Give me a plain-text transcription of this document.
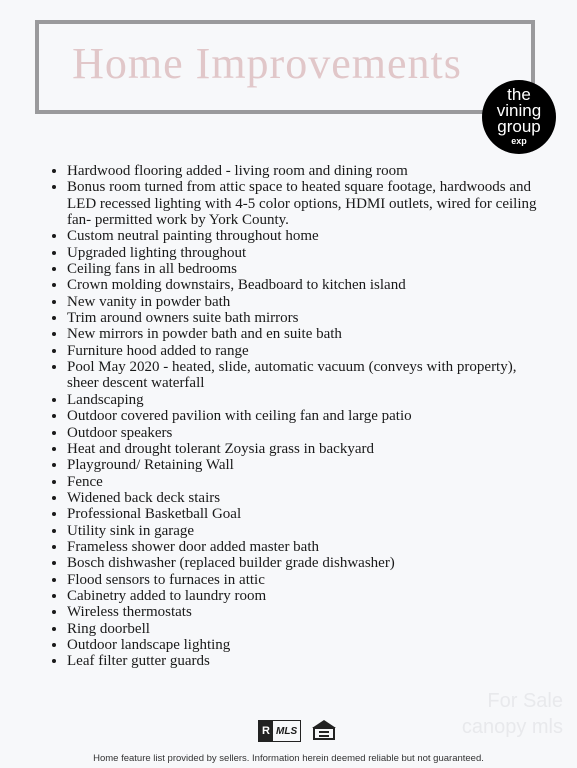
Home Improvements
the
vining
group
exp
• Hardwood flooring added - living room and dining room
• Bonus room turned from attic space to heated square footage, hardwoods and LED recessed lighting with 4-5 color options, HDMI outlets, wired for ceiling fan- permitted work by York County.
• Custom neutral painting throughout home
• Upgraded lighting throughout
• Ceiling fans in all bedrooms
• Crown molding downstairs, Beadboard to kitchen island
• New vanity in powder bath
• Trim around owners suite bath mirrors
• New mirrors in powder bath and en suite bath
• Furniture hood added to range
• Pool May 2020 - heated, slide, automatic vacuum (conveys with property), sheer descent waterfall
• Landscaping
• Outdoor covered pavilion with ceiling fan and large patio
• Outdoor speakers
• Heat and drought tolerant Zoysia grass in backyard
• Playground/ Retaining Wall
• Fence
• Widened back deck stairs
• Professional Basketball Goal
• Utility sink in garage
• Frameless shower door added master bath
• Bosch dishwasher (replaced builder grade dishwasher)
• Flood sensors to furnaces in attic
• Cabinetry added to laundry room
• Wireless thermostats
• Ring doorbell
• Outdoor landscape lighting
• Leaf filter gutter guards
For Sale
canopy mls
R MLS
Home feature list provided by sellers. Information herein deemed reliable but not guaranteed.
